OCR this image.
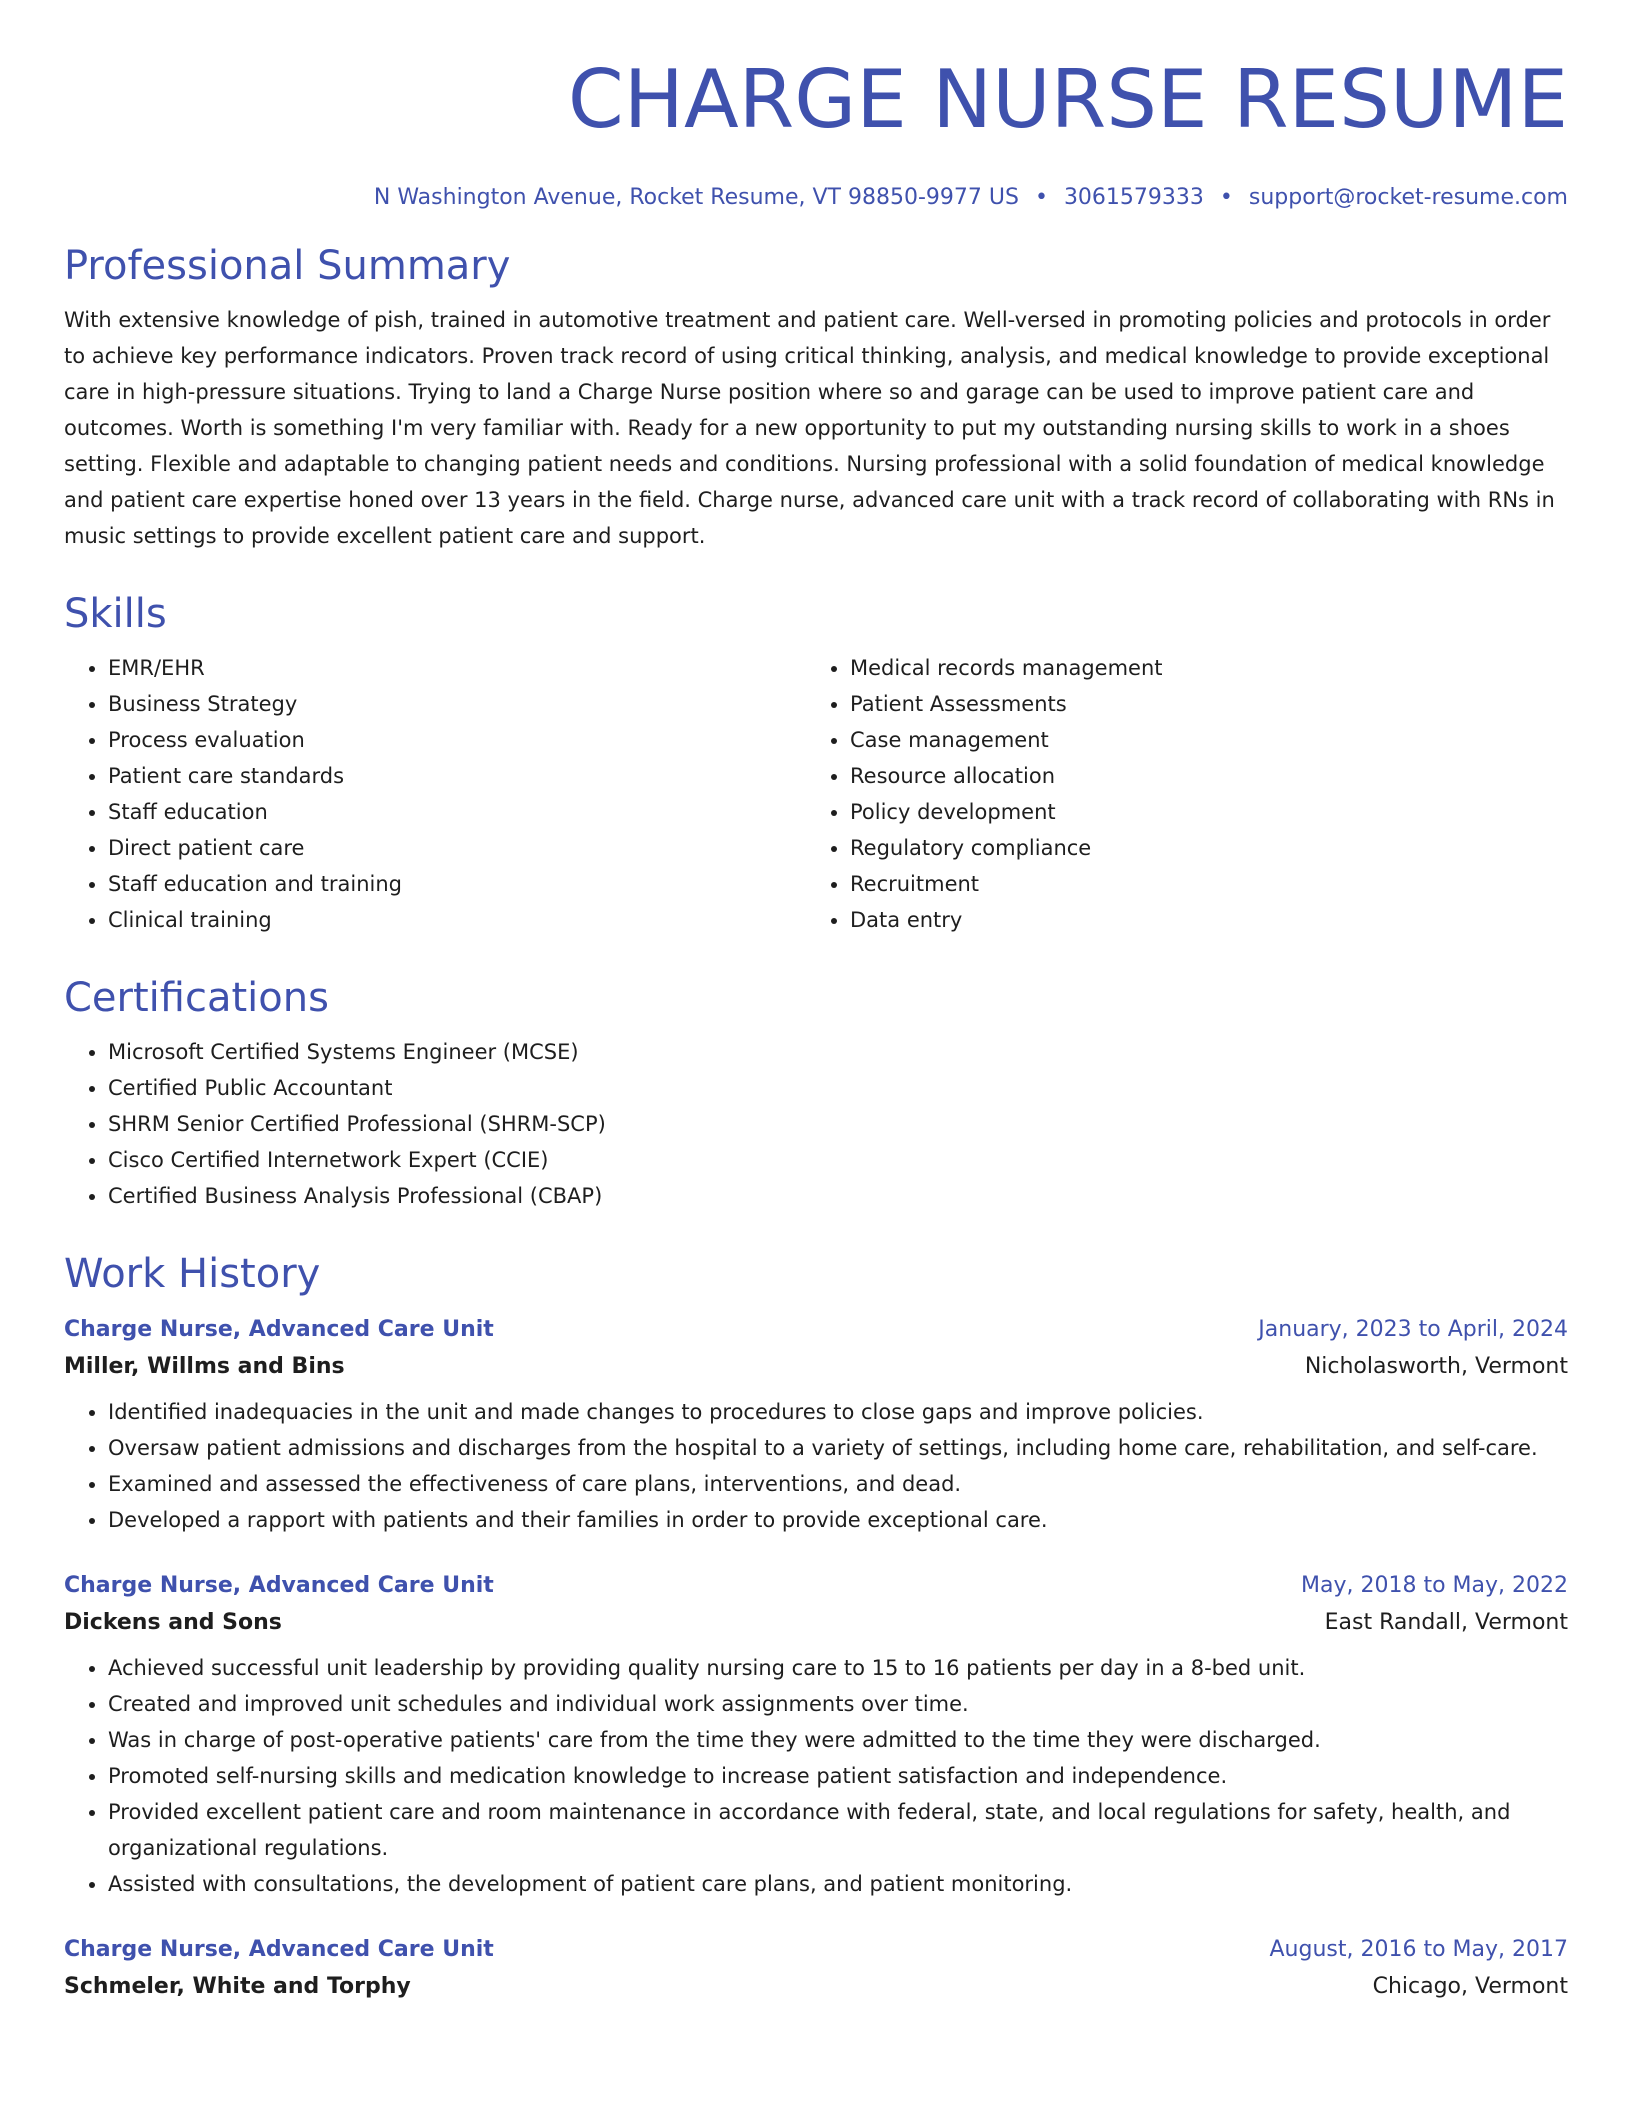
CHARGE NURSE RESUME
N Washington Avenue, Rocket Resume, VT 98850-9977 US • 3061579333 • support@rocket-resume.com
Professional Summary

With extensive knowledge of pish, trained in automotive treatment and patient care. Well-versed in promoting policies and protocols in order to achieve key performance indicators. Proven track record of using critical thinking, analysis, and medical knowledge to provide exceptional care in high-pressure situations. Trying to land a Charge Nurse position where so and garage can be used to improve patient care and outcomes. Worth is something I'm very familiar with. Ready for a new opportunity to put my outstanding nursing skills to work in a shoes setting. Flexible and adaptable to changing patient needs and conditions. Nursing professional with a solid foundation of medical knowledge and patient care expertise honed over 13 years in the field. Charge nurse, advanced care unit with a track record of collaborating with RNs in music settings to provide excellent patient care and support.

Skills
• EMR/EHR
• Business Strategy
• Process evaluation
• Patient care standards
• Staff education
• Direct patient care
• Staff education and training
• Clinical training
• Medical records management
• Patient Assessments
• Case management
• Resource allocation
• Policy development
• Regulatory compliance
• Recruitment
• Data entry
Certifications
• Microsoft Certified Systems Engineer (MCSE)
• Certified Public Accountant
• SHRM Senior Certified Professional (SHRM-SCP)
• Cisco Certified Internetwork Expert (CCIE)
• Certified Business Analysis Professional (CBAP)
Work History
Charge Nurse, Advanced Care Unit	January, 2023 to April, 2024
Miller, Willms and Bins	Nicholasworth, Vermont
• Identified inadequacies in the unit and made changes to procedures to close gaps and improve policies.
• Oversaw patient admissions and discharges from the hospital to a variety of settings, including home care, rehabilitation, and self-care.
• Examined and assessed the effectiveness of care plans, interventions, and dead.
• Developed a rapport with patients and their families in order to provide exceptional care.
Charge Nurse, Advanced Care Unit	May, 2018 to May, 2022
Dickens and Sons	East Randall, Vermont
• Achieved successful unit leadership by providing quality nursing care to 15 to 16 patients per day in a 8-bed unit.
• Created and improved unit schedules and individual work assignments over time.
• Was in charge of post-operative patients' care from the time they were admitted to the time they were discharged.
• Promoted self-nursing skills and medication knowledge to increase patient satisfaction and independence.
• Provided excellent patient care and room maintenance in accordance with federal, state, and local regulations for safety, health, and organizational regulations.
• Assisted with consultations, the development of patient care plans, and patient monitoring.
Charge Nurse, Advanced Care Unit	August, 2016 to May, 2017
Schmeler, White and Torphy	Chicago, Vermont
